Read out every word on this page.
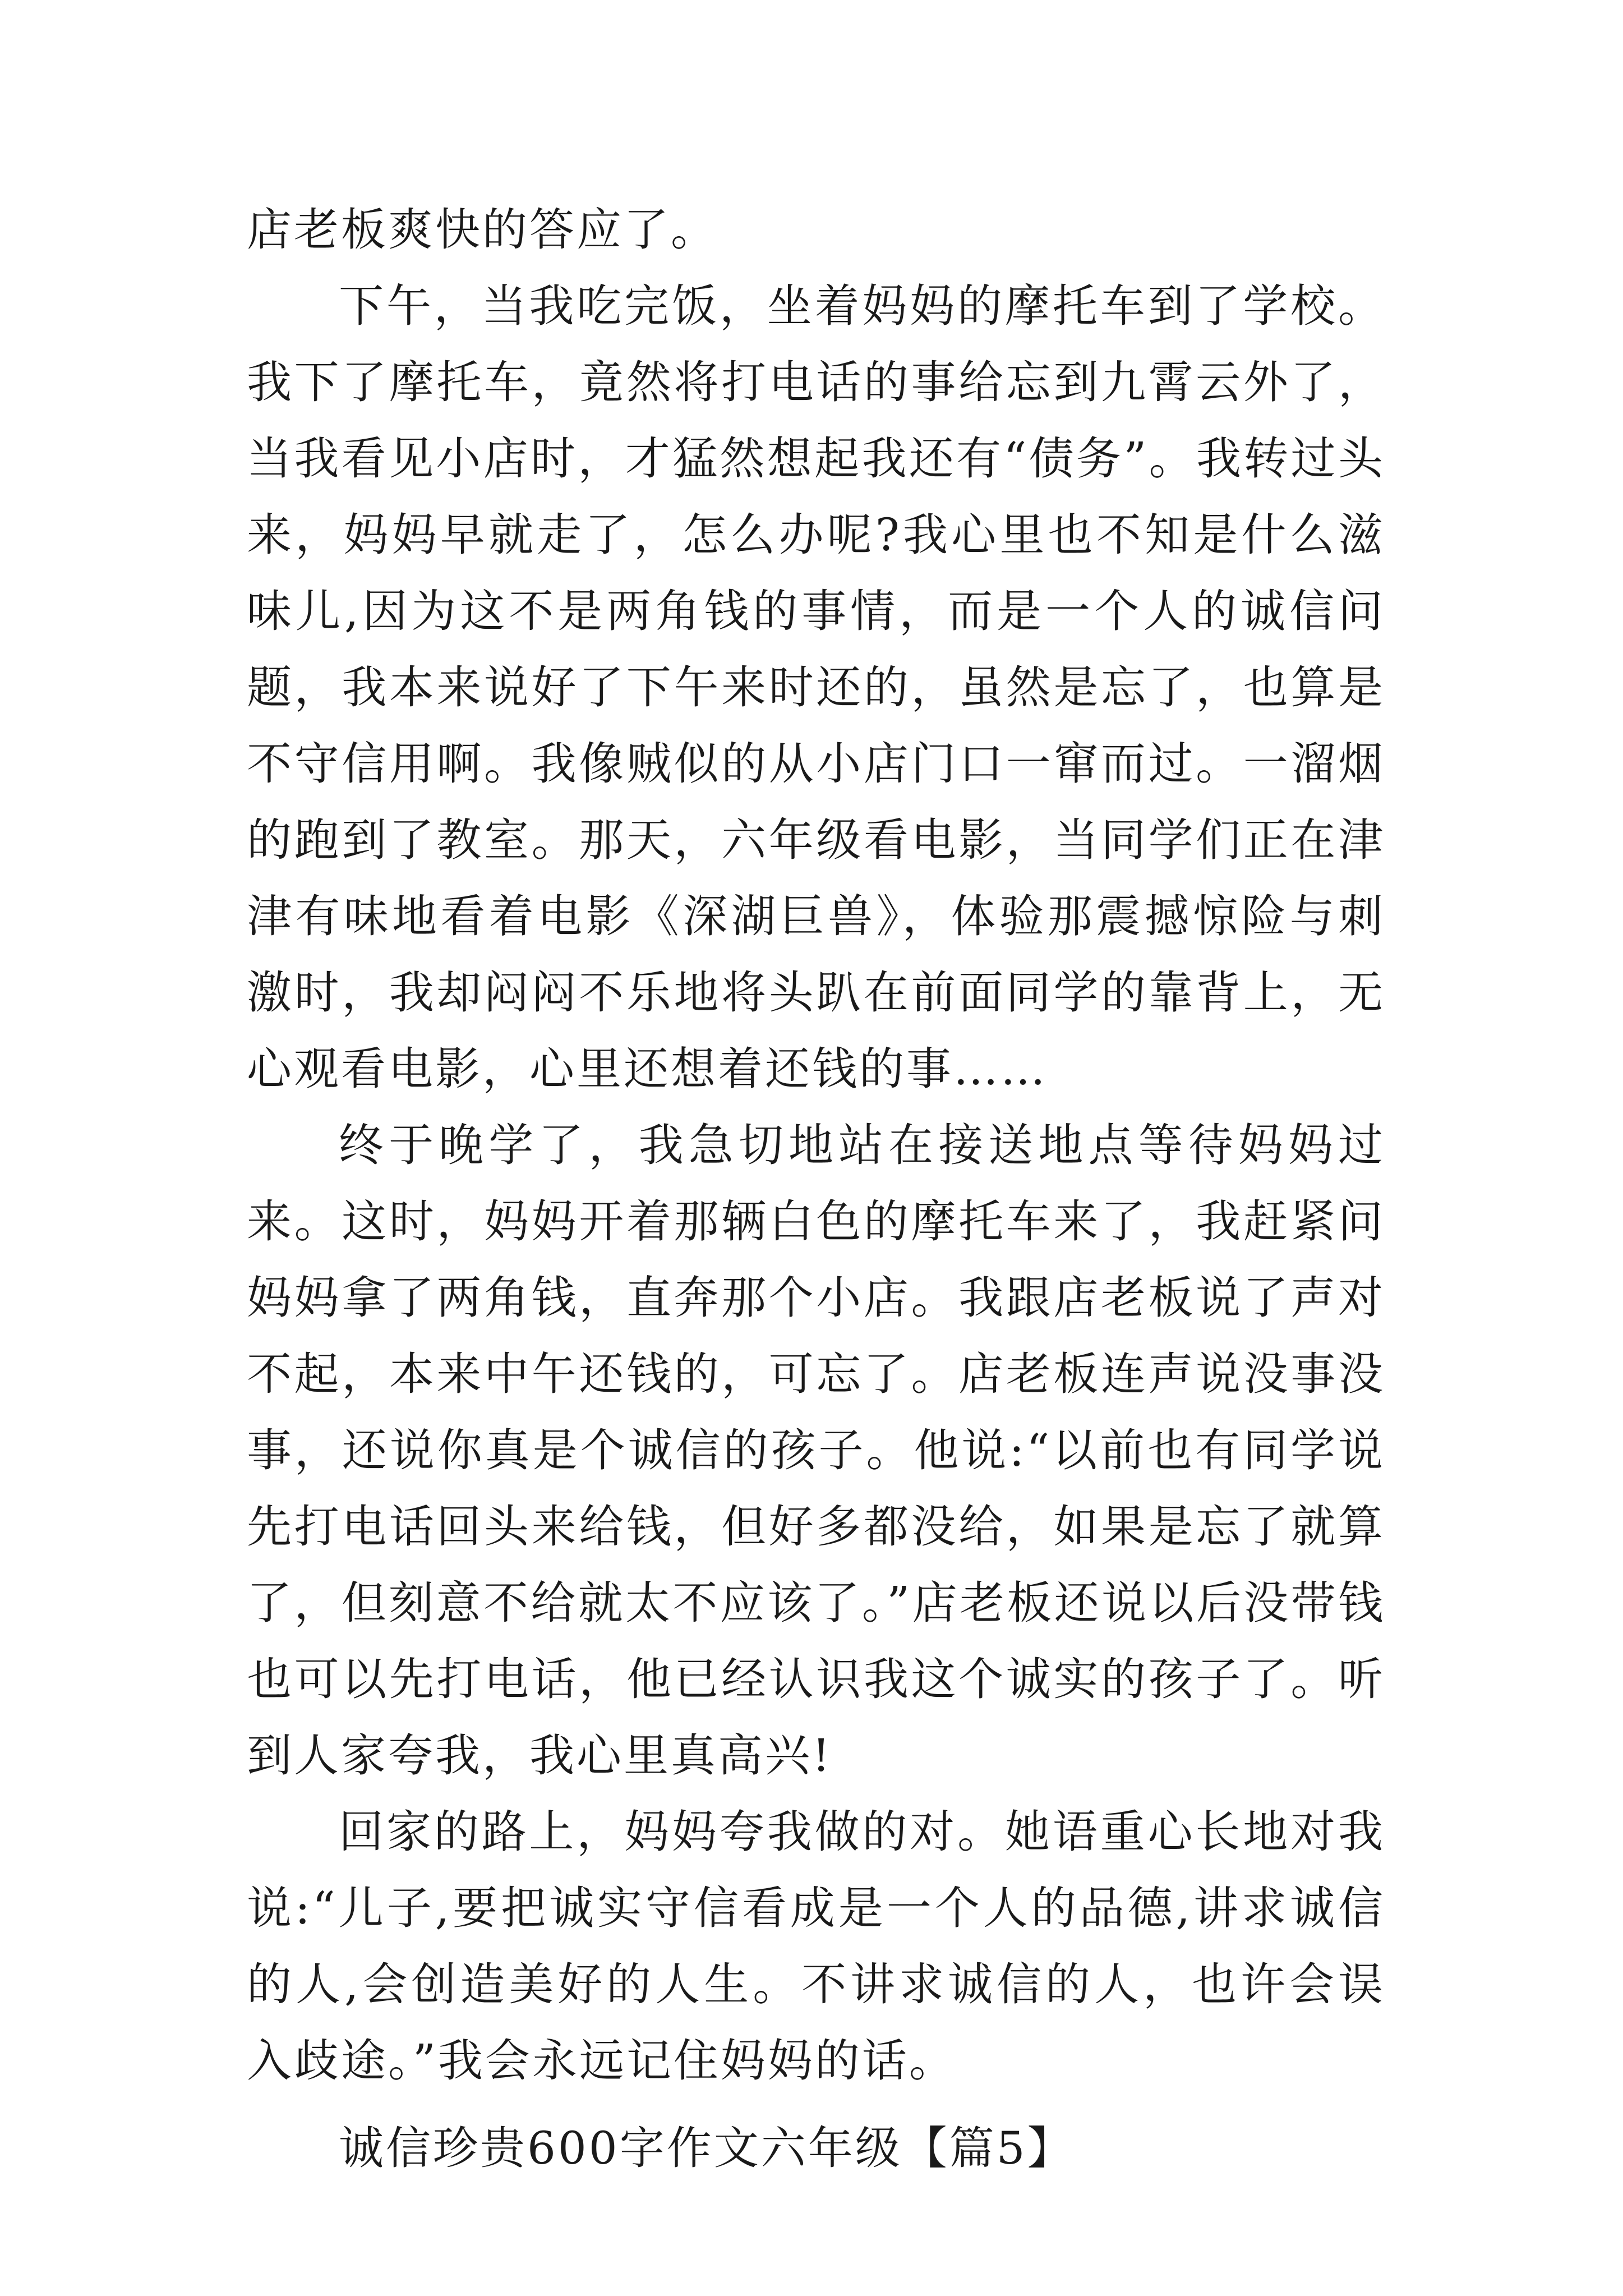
店老板爽快的答应了。

下午，当我吃完饭，坐着妈妈的摩托车到了学校。我下了摩托车，竟然将打电话的事给忘到九霄云外了，当我看见小店时，才猛然想起我还有“债务”。我转过头来，妈妈早就走了，怎么办呢?我心里也不知是什么滋味儿,因为这不是两角钱的事情，而是一个人的诚信问题，我本来说好了下午来时还的，虽然是忘了，也算是不守信用啊。我像贼似的从小店门口一窜而过。一溜烟的跑到了教室。那天，六年级看电影，当同学们正在津津有味地看着电影《深湖巨兽》，体验那震撼惊险与刺激时，我却闷闷不乐地将头趴在前面同学的靠背上，无心观看电影，心里还想着还钱的事……

终于晚学了，我急切地站在接送地点等待妈妈过来。这时，妈妈开着那辆白色的摩托车来了，我赶紧问妈妈拿了两角钱，直奔那个小店。我跟店老板说了声对不起，本来中午还钱的，可忘了。店老板连声说没事没事，还说你真是个诚信的孩子。他说:“以前也有同学说先打电话回头来给钱，但好多都没给，如果是忘了就算了，但刻意不给就太不应该了。”店老板还说以后没带钱也可以先打电话，他已经认识我这个诚实的孩子了。听到人家夸我，我心里真高兴!

回家的路上，妈妈夸我做的对。她语重心长地对我说:“儿子,要把诚实守信看成是一个人的品德,讲求诚信的人,会创造美好的人生。不讲求诚信的人，也许会误入歧途。”我会永远记住妈妈的话。

诚信珍贵600字作文六年级【篇5】
